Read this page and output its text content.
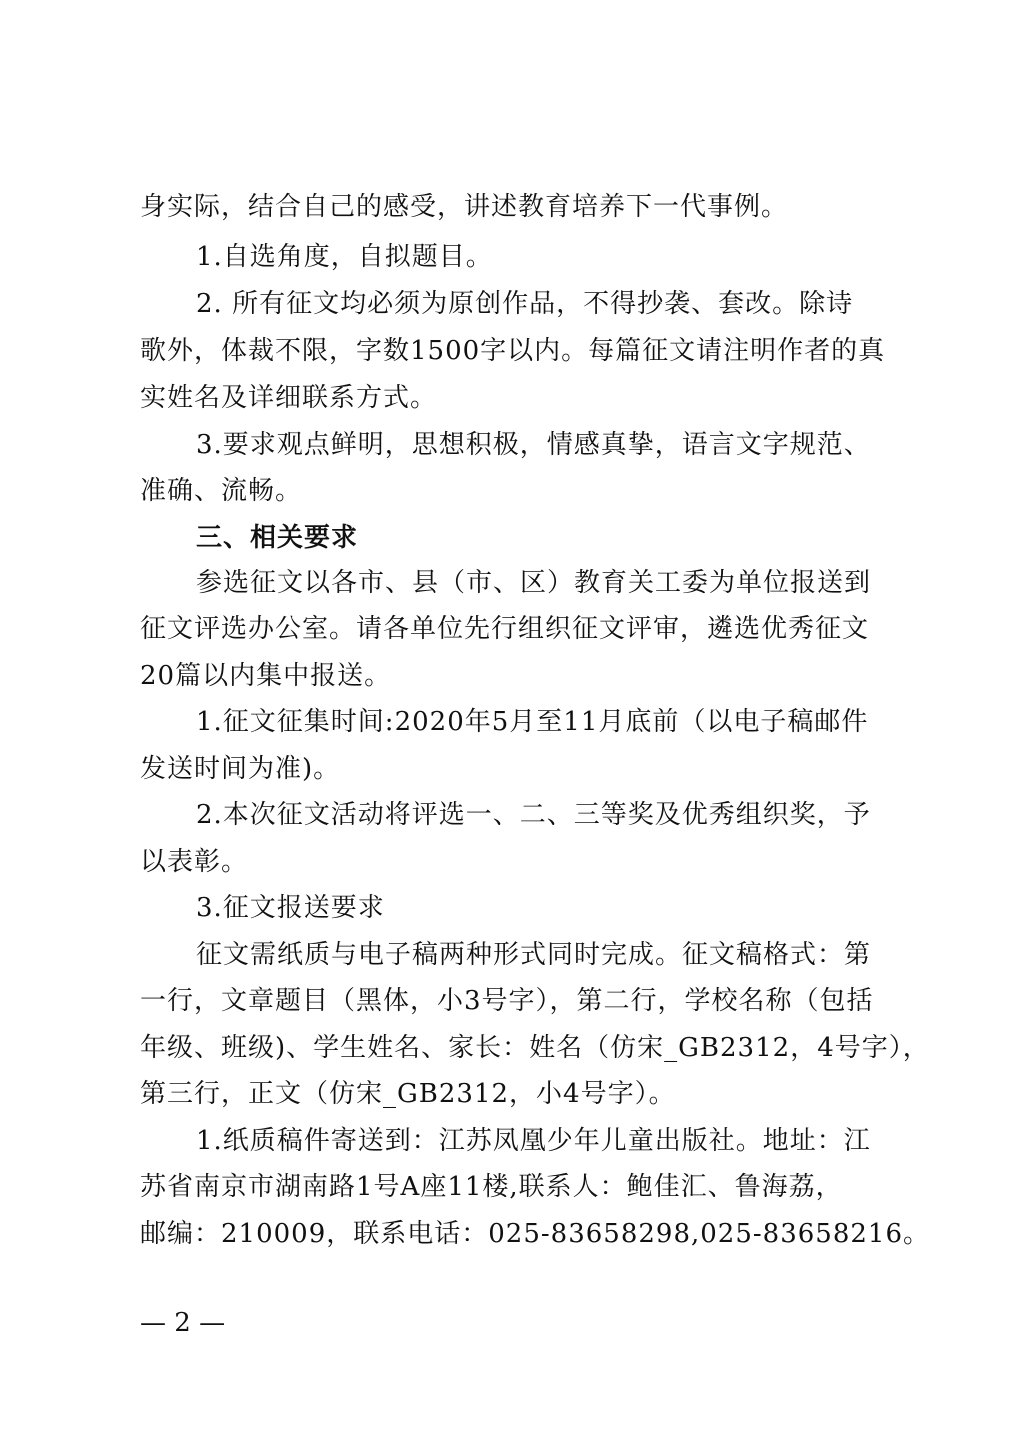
身实际，结合自己的感受，讲述教育培养下一代事例。
1.自选角度，自拟题目。
2. 所有征文均必须为原创作品，不得抄袭、套改。除诗
歌外，体裁不限，字数1500字以内。每篇征文请注明作者的真
实姓名及详细联系方式。
3.要求观点鲜明，思想积极，情感真挚，语言文字规范、
准确、流畅。
三、相关要求
参选征文以各市、县（市、区）教育关工委为单位报送到
征文评选办公室。请各单位先行组织征文评审，遴选优秀征文
20篇以内集中报送。
1.征文征集时间:2020年5月至11月底前（以电子稿邮件
发送时间为准)。
2.本次征文活动将评选一、二、三等奖及优秀组织奖，予
以表彰。
3.征文报送要求
征文需纸质与电子稿两种形式同时完成。征文稿格式：第
一行，文章题目（黑体，小3号字），第二行，学校名称（包括
年级、班级)、学生姓名、家长：姓名（仿宋_GB2312，4号字），
第三行，正文（仿宋_GB2312，小4号字）。
1.纸质稿件寄送到：江苏凤凰少年儿童出版社。地址：江
苏省南京市湖南路1号A座11楼,联系人：鲍佳汇、鲁海荔，
邮编：210009，联系电话：025-83658298,025-83658216。
— 2 —
